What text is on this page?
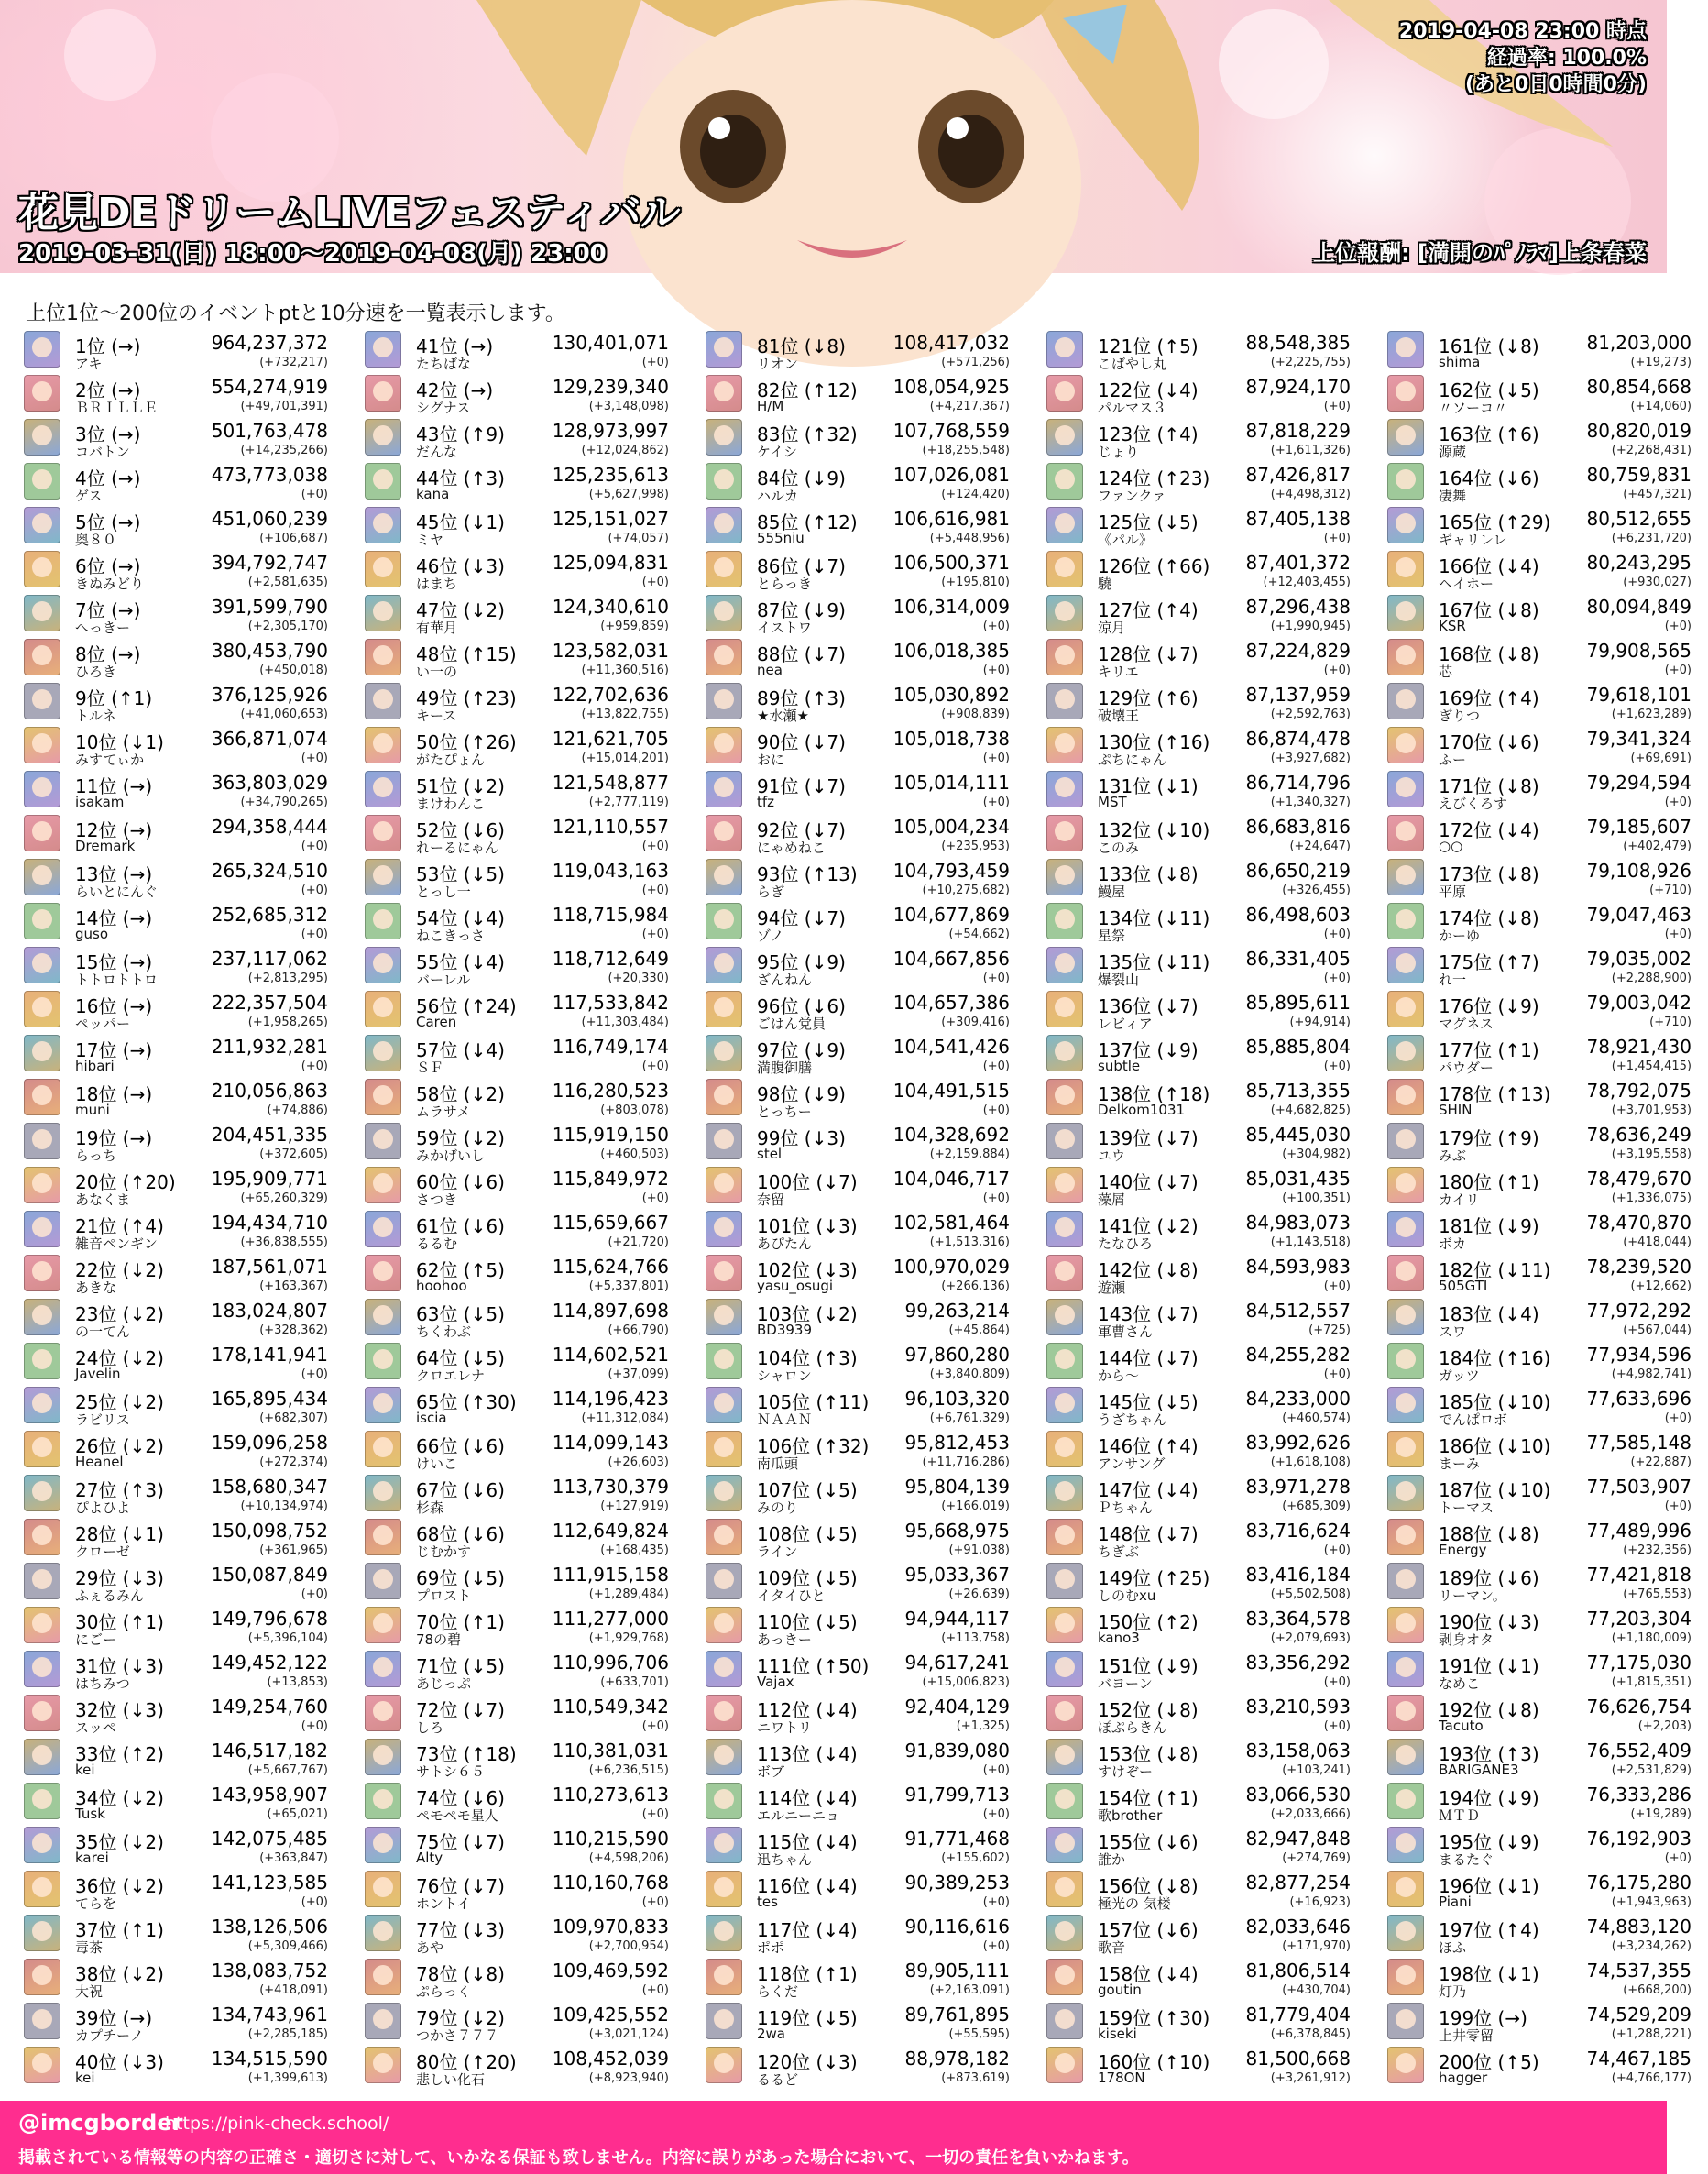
2019-04-08 23:00 時点
経過率: 100.0%
(あと0日0時間0分)
花見DEドリームLIVEフェスティバル
2019-03-31(日) 18:00～2019-04-08(月) 23:00	上位報酬: [満開のﾊﾟﾉﾗﾏ]上条春菜
上位1位～200位のイベントptと10分速を一覧表示します。
1位 (→)	964,237,372
アキ	(+732,217)
2位 (→)	554,274,919
ＢＲＩＬＬＥ	(+49,701,391)
3位 (→)	501,763,478
コバトン	(+14,235,266)
4位 (→)	473,773,038
ゲス	(+0)
5位 (→)	451,060,239
奥８０	(+106,687)
6位 (→)	394,792,747
きぬみどり	(+2,581,635)
7位 (→)	391,599,790
へっきー	(+2,305,170)
8位 (→)	380,453,790
ひろき	(+450,018)
9位 (↑1)	376,125,926
トルネ	(+41,060,653)
10位 (↓1)	366,871,074
みすてぃか	(+0)
11位 (→)	363,803,029
isakam	(+34,790,265)
12位 (→)	294,358,444
Dremark	(+0)
13位 (→)	265,324,510
らいとにんぐ	(+0)
14位 (→)	252,685,312
guso	(+0)
15位 (→)	237,117,062
トトロトトロ	(+2,813,295)
16位 (→)	222,357,504
ペッパー	(+1,958,265)
17位 (→)	211,932,281
hibari	(+0)
18位 (→)	210,056,863
muni	(+74,886)
19位 (→)	204,451,335
らっち	(+372,605)
20位 (↑20) 195,909,771
あなくま	(+65,260,329)
21位 (↑4)	194,434,710
雑音ペンギン	(+36,838,555)
22位 (↓2)	187,561,071
あきな	(+163,367)
23位 (↓2)	183,024,807
の一てん	(+328,362)
24位 (↓2)	178,141,941
Javelin	(+0)
25位 (↓2)	165,895,434
ラビリス	(+682,307)
26位 (↓2)	159,096,258
Heanel	(+272,374)
27位 (↑3)	158,680,347
ぴよひよ	(+10,134,974)
28位 (↓1)	150,098,752
クローゼ	(+361,965)
29位 (↓3)	150,087,849
ふぇるみん	(+0)
30位 (↑1)	149,796,678
にごー	(+5,396,104)
31位 (↓3)	149,452,122
はちみつ	(+13,853)
32位 (↓3)	149,254,760
スッペ	(+0)
33位 (↑2)	146,517,182
kei	(+5,667,767)
34位 (↓2)	143,958,907
Tusk	(+65,021)
35位 (↓2)	142,075,485
karei	(+363,847)
36位 (↓2)	141,123,585
てらを	(+0)
37位 (↑1)	138,126,506
毒茶	(+5,309,466)
38位 (↓2)	138,083,752
大祝	(+418,091)
39位 (→)	134,743,961
カプチーノ	(+2,285,185)
40位 (↓3)	134,515,590
kei	(+1,399,613)
41位 (→)	130,401,071
たちばな	(+0)
42位 (→)	129,239,340
シグナス	(+3,148,098)
43位 (↑9)	128,973,997
だんな	(+12,024,862)
44位 (↑3)	125,235,613
kana	(+5,627,998)
45位 (↓1)	125,151,027
ミヤ	(+74,057)
46位 (↓3)	125,094,831
はまち	(+0)
47位 (↓2)	124,340,610
有華月	(+959,859)
48位 (↑15) 123,582,031
い一の	(+11,360,516)
49位 (↑23) 122,702,636
キース	(+13,822,755)
50位 (↑26) 121,621,705
がたぴょん	(+15,014,201)
51位 (↓2)	121,548,877
まけわんこ	(+2,777,119)
52位 (↓6)	121,110,557
れーるにゃん	(+0)
53位 (↓5)	119,043,163
とっし一	(+0)
54位 (↓4)	118,715,984
ねこきっさ	(+0)
55位 (↓4)	118,712,649
バーレル	(+20,330)
56位 (↑24) 117,533,842
Caren	(+11,303,484)
57位 (↓4)	116,749,174
ＳＦ	(+0)
58位 (↓2)	116,280,523
ムラサメ	(+803,078)
59位 (↓2)	115,919,150
みかげいし	(+460,503)
60位 (↓6)	115,849,972
さつき	(+0)
61位 (↓6)	115,659,667
るるむ	(+21,720)
62位 (↑5)	115,624,766
hoohoo	(+5,337,801)
63位 (↓5)	114,897,698
ちくわぶ	(+66,790)
64位 (↓5)	114,602,521
クロエレナ	(+37,099)
65位 (↑30) 114,196,423
iscia	(+11,312,084)
66位 (↓6)	114,099,143
けいこ	(+26,603)
67位 (↓6)	113,730,379
杉森	(+127,919)
68位 (↓6)	112,649,824
じむかす	(+168,435)
69位 (↓5)	111,915,158
プロスト	(+1,289,484)
70位 (↑1)	111,277,000
78の碧	(+1,929,768)
71位 (↓5)	110,996,706
あじっぷ	(+633,701)
72位 (↓7)	110,549,342
しろ	(+0)
73位 (↑18) 110,381,031
サトシ６５	(+6,236,515)
74位 (↓6)	110,273,613
ペモペモ星人	(+0)
75位 (↓7)	110,215,590
Alty	(+4,598,206)
76位 (↓7)	110,160,768
ホントイ	(+0)
77位 (↓3)	109,970,833
あや	(+2,700,954)
78位 (↓8)	109,469,592
ぷらっく	(+0)
79位 (↓2)	109,425,552
つかさ７７７	(+3,021,124)
80位 (↑20) 108,452,039
悲しい化石	(+8,923,940)
81位 (↓8)	108,417,032
リオン	(+571,256)
82位 (↑12) 108,054,925
H/M	(+4,217,367)
83位 (↑32) 107,768,559
ケイシ	(+18,255,548)
84位 (↓9)	107,026,081
ハルカ	(+124,420)
85位 (↑12) 106,616,981
555niu	(+5,448,956)
86位 (↓7)	106,500,371
とらっき	(+195,810)
87位 (↓9)	106,314,009
イストワ	(+0)
88位 (↓7)	106,018,385
nea	(+0)
89位 (↑3)	105,030,892
★水瀬★	(+908,839)
90位 (↓7)	105,018,738
おに	(+0)
91位 (↓7)	105,014,111
tfz	(+0)
92位 (↓7)	105,004,234
にゃめねこ	(+235,953)
93位 (↑13) 104,793,459
らぎ	(+10,275,682)
94位 (↓7)	104,677,869
ゾノ	(+54,662)
95位 (↓9)	104,667,856
ざんねん	(+0)
96位 (↓6)	104,657,386
ごはん党員	(+309,416)
97位 (↓9)	104,541,426
満腹御膳	(+0)
98位 (↓9)	104,491,515
とっちー	(+0)
99位 (↓3)	104,328,692
stel	(+2,159,884)
100位 (↓7) 104,046,717
奈留	(+0)
101位 (↓3) 102,581,464
あぴたん	(+1,513,316)
102位 (↓3) 100,970,029
yasu_osugi	(+266,136)
103位 (↓2)	99,263,214
BD3939	(+45,864)
104位 (↑3)	97,860,280
シャロン	(+3,840,809)
105位 (↑11) 96,103,320
ＮＡＡＮ	(+6,761,329)
106位 (↑32) 95,812,453
南瓜頭	(+11,716,286)
107位 (↓5)	95,804,139
みのり	(+166,019)
108位 (↓5)	95,668,975
ライン	(+91,038)
109位 (↓5)	95,033,367
イタイひと	(+26,639)
110位 (↓5)	94,944,117
あっきー	(+113,758)
111位 (↑50) 94,617,241
Vajax	(+15,006,823)
112位 (↓4)	92,404,129
ニワトリ	(+1,325)
113位 (↓4)	91,839,080
ボブ	(+0)
114位 (↓4)	91,799,713
エルニーニョ	(+0)
115位 (↓4)	91,771,468
迅ちゃん	(+155,602)
116位 (↓4)	90,389,253
tes	(+0)
117位 (↓4)	90,116,616
ポポ	(+0)
118位 (↑1)	89,905,111
らくだ	(+2,163,091)
119位 (↓5)	89,761,895
2wa	(+55,595)
120位 (↓3)	88,978,182
るるど	(+873,619)
121位 (↑5)	88,548,385
こばやし丸	(+2,225,755)
122位 (↓4)	87,924,170
パルマス３	(+0)
123位 (↑4)	87,818,229
じょり	(+1,611,326)
124位 (↑23) 87,426,817
ファンクァ	(+4,498,312)
125位 (↓5)	87,405,138
《パル》	(+0)
126位 (↑66) 87,401,372
驍	(+12,403,455)
127位 (↑4)	87,296,438
涼月	(+1,990,945)
128位 (↓7)	87,224,829
キリエ	(+0)
129位 (↑6)	87,137,959
破壊王	(+2,592,763)
130位 (↑16) 86,874,478
ぷちにゃん	(+3,927,682)
131位 (↓1)	86,714,796
MST	(+1,340,327)
132位 (↓10) 86,683,816
このみ	(+24,647)
133位 (↓8)	86,650,219
鰻屋	(+326,455)
134位 (↓11) 86,498,603
星祭	(+0)
135位 (↓11) 86,331,405
爆裂山	(+0)
136位 (↓7)	85,895,611
レビィア	(+94,914)
137位 (↓9)	85,885,804
subtle	(+0)
138位 (↑18) 85,713,355
Delkom1031	(+4,682,825)
139位 (↓7)	85,445,030
ユウ	(+304,982)
140位 (↓7)	85,031,435
藻屑	(+100,351)
141位 (↓2)	84,983,073
たなひろ	(+1,143,518)
142位 (↓8)	84,593,983
遊瀬	(+0)
143位 (↓7)	84,512,557
軍曹さん	(+725)
144位 (↓7)	84,255,282
から～	(+0)
145位 (↓5)	84,233,000
うざちゃん	(+460,574)
146位 (↑4)	83,992,626
アンサング	(+1,618,108)
147位 (↓4)	83,971,278
Ｐちゃん	(+685,309)
148位 (↓7)	83,716,624
ちぎぶ	(+0)
149位 (↑25) 83,416,184
しのむxu	(+5,502,508)
150位 (↑2)	83,364,578
kano3	(+2,079,693)
151位 (↓9)	83,356,292
バヨーン	(+0)
152位 (↓8)	83,210,593
ぽぷらきん	(+0)
153位 (↓8)	83,158,063
すけぞー	(+103,241)
154位 (↑1)	83,066,530
歌brother	(+2,033,666)
155位 (↓6)	82,947,848
誰か	(+274,769)
156位 (↓8)	82,877,254
極光の 気楼	(+16,923)
157位 (↓6)	82,033,646
歌音	(+171,970)
158位 (↓4)	81,806,514
goutin	(+430,704)
159位 (↑30) 81,779,404
kiseki	(+6,378,845)
160位 (↑10) 81,500,668
178ON	(+3,261,912)
161位 (↓8)	81,203,000
shima	(+19,273)
162位 (↓5)	80,854,668
〃ソーコ〃	(+14,060)
163位 (↑6)	80,820,019
源蔵	(+2,268,431)
164位 (↓6)	80,759,831
凄舞	(+457,321)
165位 (↑29) 80,512,655
ギャリレレ	(+6,231,720)
166位 (↓4)	80,243,295
ヘイホー	(+930,027)
167位 (↓8)	80,094,849
KSR	(+0)
168位 (↓8)	79,908,565
芯	(+0)
169位 (↑4)	79,618,101
ぎりつ	(+1,623,289)
170位 (↓6)	79,341,324
ふー	(+69,691)
171位 (↓8)	79,294,594
えびくろす	(+0)
172位 (↓4)	79,185,607
○○	(+402,479)
173位 (↓8)	79,108,926
平原	(+710)
174位 (↓8)	79,047,463
かーゆ	(+0)
175位 (↑7)	79,035,002
れ一	(+2,288,900)
176位 (↓9)	79,003,042
マグネス	(+710)
177位 (↑1)	78,921,430
パウダー	(+1,454,415)
178位 (↑13) 78,792,075
SHIN	(+3,701,953)
179位 (↑9)	78,636,249
みぶ	(+3,195,558)
180位 (↑1)	78,479,670
カイリ	(+1,336,075)
181位 (↓9)	78,470,870
ボカ	(+418,044)
182位 (↓11) 78,239,520
505GTI	(+12,662)
183位 (↓4)	77,972,292
スワ	(+567,044)
184位 (↑16) 77,934,596
ガッツ	(+4,982,741)
185位 (↓10) 77,633,696
でんぱロボ	(+0)
186位 (↓10) 77,585,148
まーみ	(+22,887)
187位 (↓10) 77,503,907
トーマス	(+0)
188位 (↓8)	77,489,996
Energy	(+232,356)
189位 (↓6)	77,421,818
リーマン。	(+765,553)
190位 (↓3)	77,203,304
剥身オタ	(+1,180,009)
191位 (↓1)	77,175,030
なめこ	(+1,815,351)
192位 (↓8)	76,626,754
Tacuto	(+2,203)
193位 (↑3)	76,552,409
BARIGANE3	(+2,531,829)
194位 (↓9)	76,333,286
ＭＴＤ	(+19,289)
195位 (↓9)	76,192,903
まるたぐ	(+0)
196位 (↓1)	76,175,280
Piani	(+1,943,963)
197位 (↑4)	74,883,120
ほふ	(+3,234,262)
198位 (↓1)	74,537,355
灯乃	(+668,200)
199位 (→)	74,529,209
上井零留	(+1,288,221)
200位 (↑5)	74,467,185
hagger	(+4,766,177)
@imcgborder
https://pink-check.school/
掲載されている情報等の内容の正確さ・適切さに対して、いかなる保証も致しません。内容に誤りがあった場合において、一切の責任を負いかねます。
